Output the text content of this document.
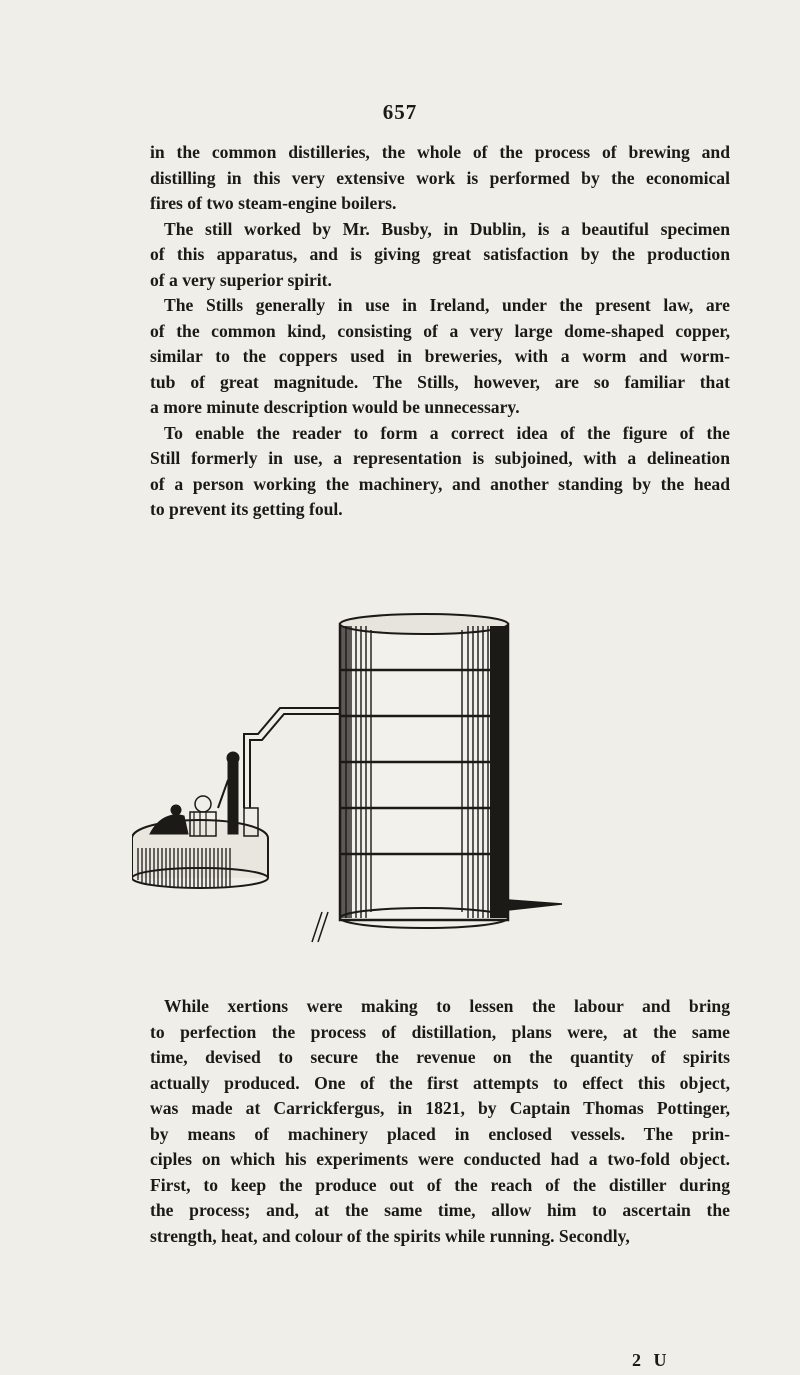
657
in the common distilleries, the whole of the process of brewing and
distilling in this very extensive work is performed by the economical
fires of two steam-engine boilers.
The still worked by Mr. Busby, in Dublin, is a beautiful specimen
of this apparatus, and is giving great satisfaction by the production
of a very superior spirit.
The Stills generally in use in Ireland, under the present law, are
of the common kind, consisting of a very large dome-shaped copper,
similar to the coppers used in breweries, with a worm and worm-
tub of great magnitude. The Stills, however, are so familiar that
a more minute description would be unnecessary.
To enable the reader to form a correct idea of the figure of the
Still formerly in use, a representation is subjoined, with a delineation
of a person working the machinery, and another standing by the head
to prevent its getting foul.
While xertions were making to lessen the labour and bring
to perfection the process of distillation, plans were, at the same
time, devised to secure the revenue on the quantity of spirits
actually produced. One of the first attempts to effect this object,
was made at Carrickfergus, in 1821, by Captain Thomas Pottinger,
by means of machinery placed in enclosed vessels. The prin-
ciples on which his experiments were conducted had a two-fold object.
First, to keep the produce out of the reach of the distiller during
the process; and, at the same time, allow him to ascertain the
strength, heat, and colour of the spirits while running. Secondly,
2 U
